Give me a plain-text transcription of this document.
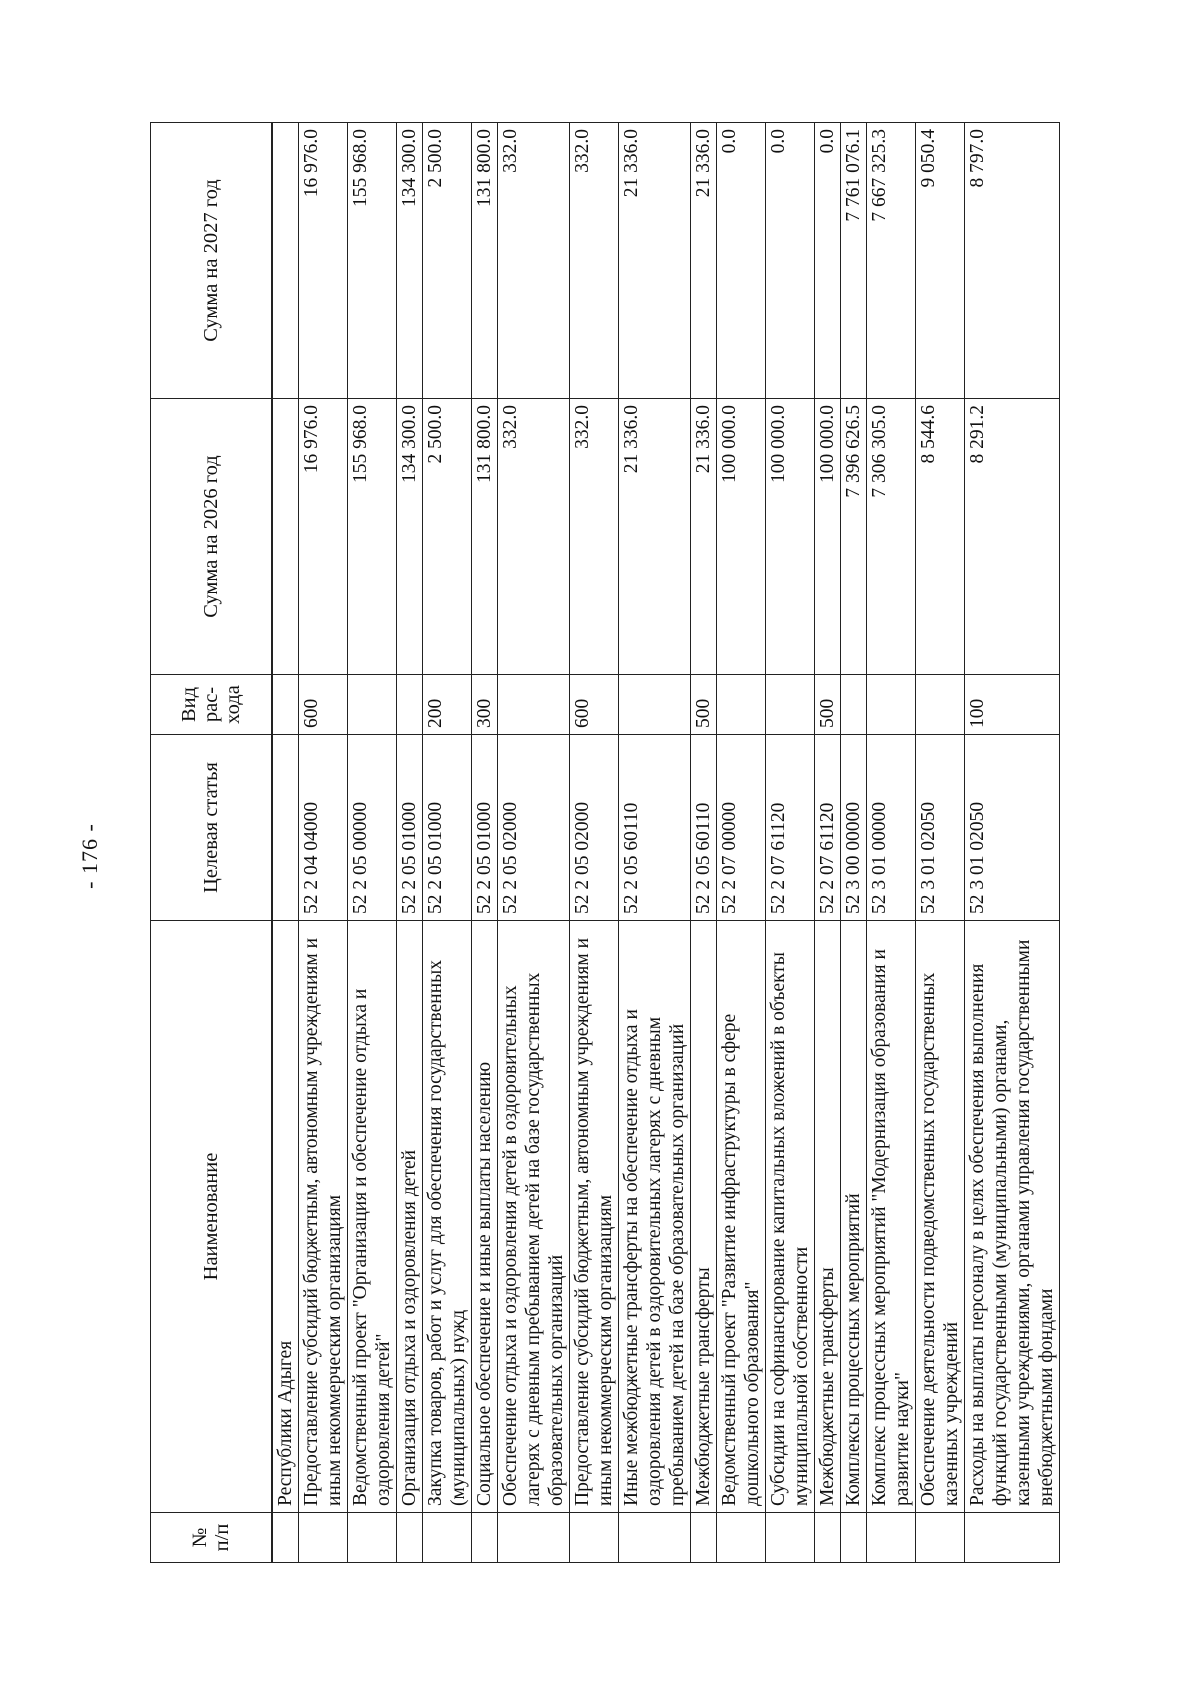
- 176 -
№ п/п	Наименование	Целевая статья	Вид рас- хода	Сумма на 2026 год	Сумма на 2027 год
	Республики Адыгея				
	Предоставление субсидий бюджетным, автономным учреждениям и иным некоммерческим организациям	52 2 04 04000	600	16 976.0	16 976.0
	Ведомственный проект "Организация и обеспечение отдыха и оздоровления детей"	52 2 05 00000		155 968.0	155 968.0
	Организация отдыха и оздоровления детей	52 2 05 01000		134 300.0	134 300.0
	Закупка товаров, работ и услуг для обеспечения государственных (муниципальных) нужд	52 2 05 01000	200	2 500.0	2 500.0
	Социальное обеспечение и иные выплаты населению	52 2 05 01000	300	131 800.0	131 800.0
	Обеспечение отдыха и оздоровления детей в оздоровительных лагерях с дневным пребыванием детей на базе государственных образовательных организаций	52 2 05 02000		332.0	332.0
	Предоставление субсидий бюджетным, автономным учреждениям и иным некоммерческим организациям	52 2 05 02000	600	332.0	332.0
	Иные межбюджетные трансферты на обеспечение отдыха и оздоровления детей в оздоровительных лагерях с дневным пребыванием детей на базе образовательных организаций	52 2 05 60110		21 336.0	21 336.0
	Межбюджетные трансферты	52 2 05 60110	500	21 336.0	21 336.0
	Ведомственный проект "Развитие инфраструктуры в сфере дошкольного образования"	52 2 07 00000		100 000.0	0.0
	Субсидии на софинансирование капитальных вложений в объекты муниципальной собственности	52 2 07 61120		100 000.0	0.0
	Межбюджетные трансферты	52 2 07 61120	500	100 000.0	0.0
	Комплексы процессных мероприятий	52 3 00 00000		7 396 626.5	7 761 076.1
	Комплекс процессных мероприятий "Модернизация образования и развитие науки"	52 3 01 00000		7 306 305.0	7 667 325.3
	Обеспечение деятельности подведомственных государственных казенных учреждений	52 3 01 02050		8 544.6	9 050.4
	Расходы на выплаты персоналу в целях обеспечения выполнения функций государственными (муниципальными) органами, казенными учреждениями, органами управления государственными внебюджетными фондами	52 3 01 02050	100	8 291.2	8 797.0
